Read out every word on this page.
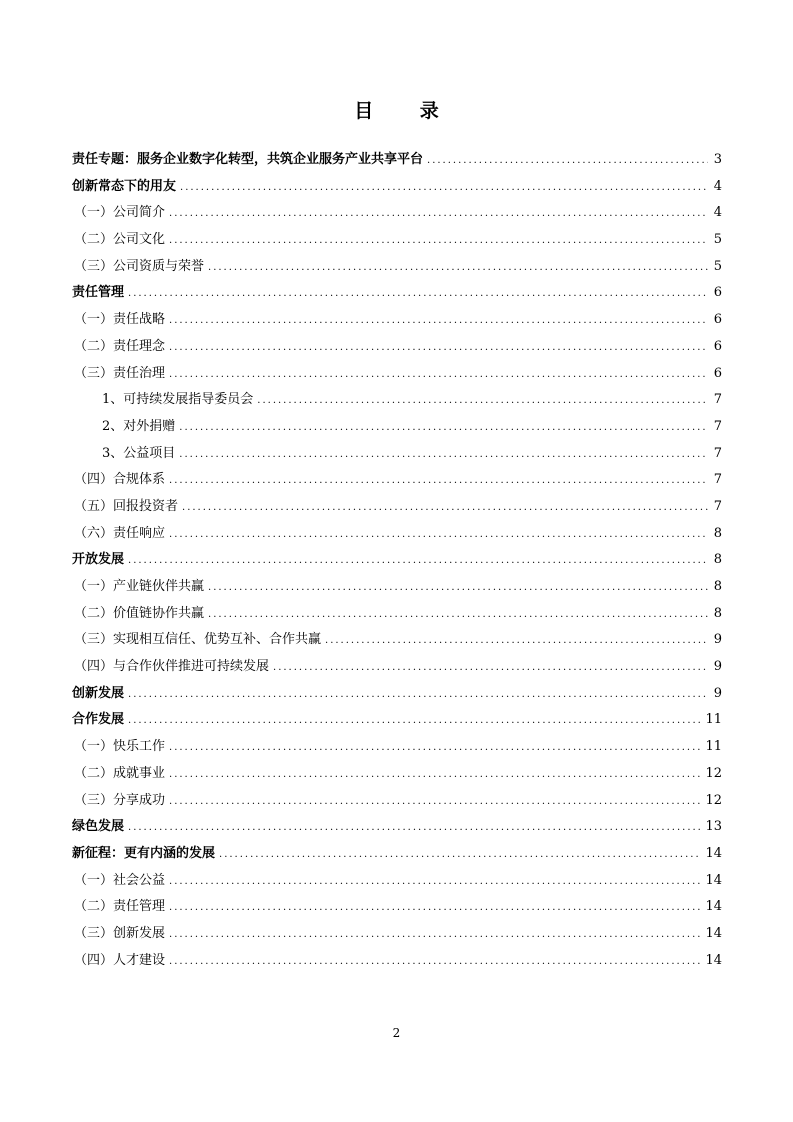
目 录
责任专题：服务企业数字化转型，共筑企业服务产业共享平台 .....	3
创新常态下的用友 .....	4
（一）公司简介 .....	4
（二）公司文化 .....	5
（三）公司资质与荣誉 .....	5
责任管理 .....	6
（一）责任战略 .....	6
（二）责任理念 .....	6
（三）责任治理 .....	6
1、可持续发展指导委员会 .....	7
2、对外捐赠 .....	7
3、公益项目 .....	7
（四）合规体系 .....	7
（五）回报投资者 .....	7
（六）责任响应 .....	8
开放发展 .....	8
（一）产业链伙伴共赢 .....	8
（二）价值链协作共赢 .....	8
（三）实现相互信任、优势互补、合作共赢 .....	9
（四）与合作伙伴推进可持续发展 .....	9
创新发展 .....	9
合作发展 .....	11
（一）快乐工作 .....	11
（二）成就事业 .....	12
（三）分享成功 .....	12
绿色发展 .....	13
新征程：更有内涵的发展 .....	14
（一）社会公益 .....	14
（二）责任管理 .....	14
（三）创新发展 .....	14
（四）人才建设 .....	14
2
